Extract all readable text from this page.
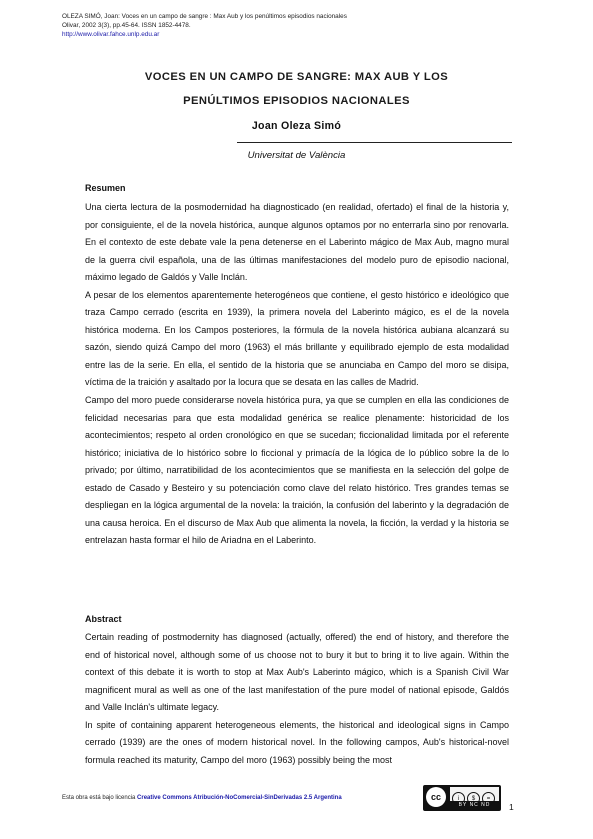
OLEZA SIMÓ, Joan: Voces en un campo de sangre : Max Aub y los penúltimos episodios nacionales
Olivar, 2002 3(3), pp.45-64. ISSN 1852-4478.
http://www.olivar.fahce.unlp.edu.ar
VOCES EN UN CAMPO DE SANGRE: MAX AUB Y LOS
PENÚLTIMOS EPISODIOS NACIONALES
Joan Oleza Simó
Universitat de València
Resumen

Una cierta lectura de la posmodernidad ha diagnosticado (en realidad, ofertado) el final de la historia y, por consiguiente, el de la novela histórica, aunque algunos optamos por no enterrarla sino por renovarla. En el contexto de este debate vale la pena detenerse en el Laberinto mágico de Max Aub, magno mural de la guerra civil española, una de las últimas manifestaciones del modelo puro de episodio nacional, máximo legado de Galdós y Valle Inclán.

A pesar de los elementos aparentemente heterogéneos que contiene, el gesto histórico e ideológico que traza Campo cerrado (escrita en 1939), la primera novela del Laberinto mágico, es el de la novela histórica moderna. En los Campos posteriores, la fórmula de la novela histórica aubiana alcanzará su sazón, siendo quizá Campo del moro (1963) el más brillante y equilibrado ejemplo de esta modalidad entre las de la serie. En ella, el sentido de la historia que se anunciaba en Campo del moro se disipa, víctima de la traición y asaltado por la locura que se desata en las calles de Madrid.

Campo del moro puede considerarse novela histórica pura, ya que se cumplen en ella las condiciones de felicidad necesarias para que esta modalidad genérica se realice plenamente: historicidad de los acontecimientos; respeto al orden cronológico en que se sucedan; ficcionalidad limitada por el referente histórico; iniciativa de lo histórico sobre lo ficcional y primacía de la lógica de lo público sobre la de lo privado; por último, narratibilidad de los acontecimientos que se manifiesta en la selección del golpe de estado de Casado y Besteiro y su potenciación como clave del relato histórico. Tres grandes temas se despliegan en la lógica argumental de la novela: la traición, la confusión del laberinto y la degradación de una causa heroica. En el discurso de Max Aub que alimenta la novela, la ficción, la verdad y la historia se entrelazan hasta formar el hilo de Ariadna en el Laberinto.

Abstract

Certain reading of postmodernity has diagnosed (actually, offered) the end of history, and therefore the end of historical novel, although some of us choose not to bury it but to bring it to live again. Within the context of this debate it is worth to stop at Max Aub's Laberinto mágico, which is a Spanish Civil War magnificent mural as well as one of the last manifestation of the pure model of national episode, Galdós and Valle Inclán's ultimate legacy.

In spite of containing apparent heterogeneous elements, the historical and ideological signs in Campo cerrado (1939) are the ones of modern historical novel. In the following campos, Aub's historical-novel formula reached its maturity, Campo del moro (1963) possibly being the most

Esta obra está bajo licencia Creative Commons Atribución-NoComercial-SinDerivadas 2.5 Argentina	cc	i $ =
BY NC ND	1
